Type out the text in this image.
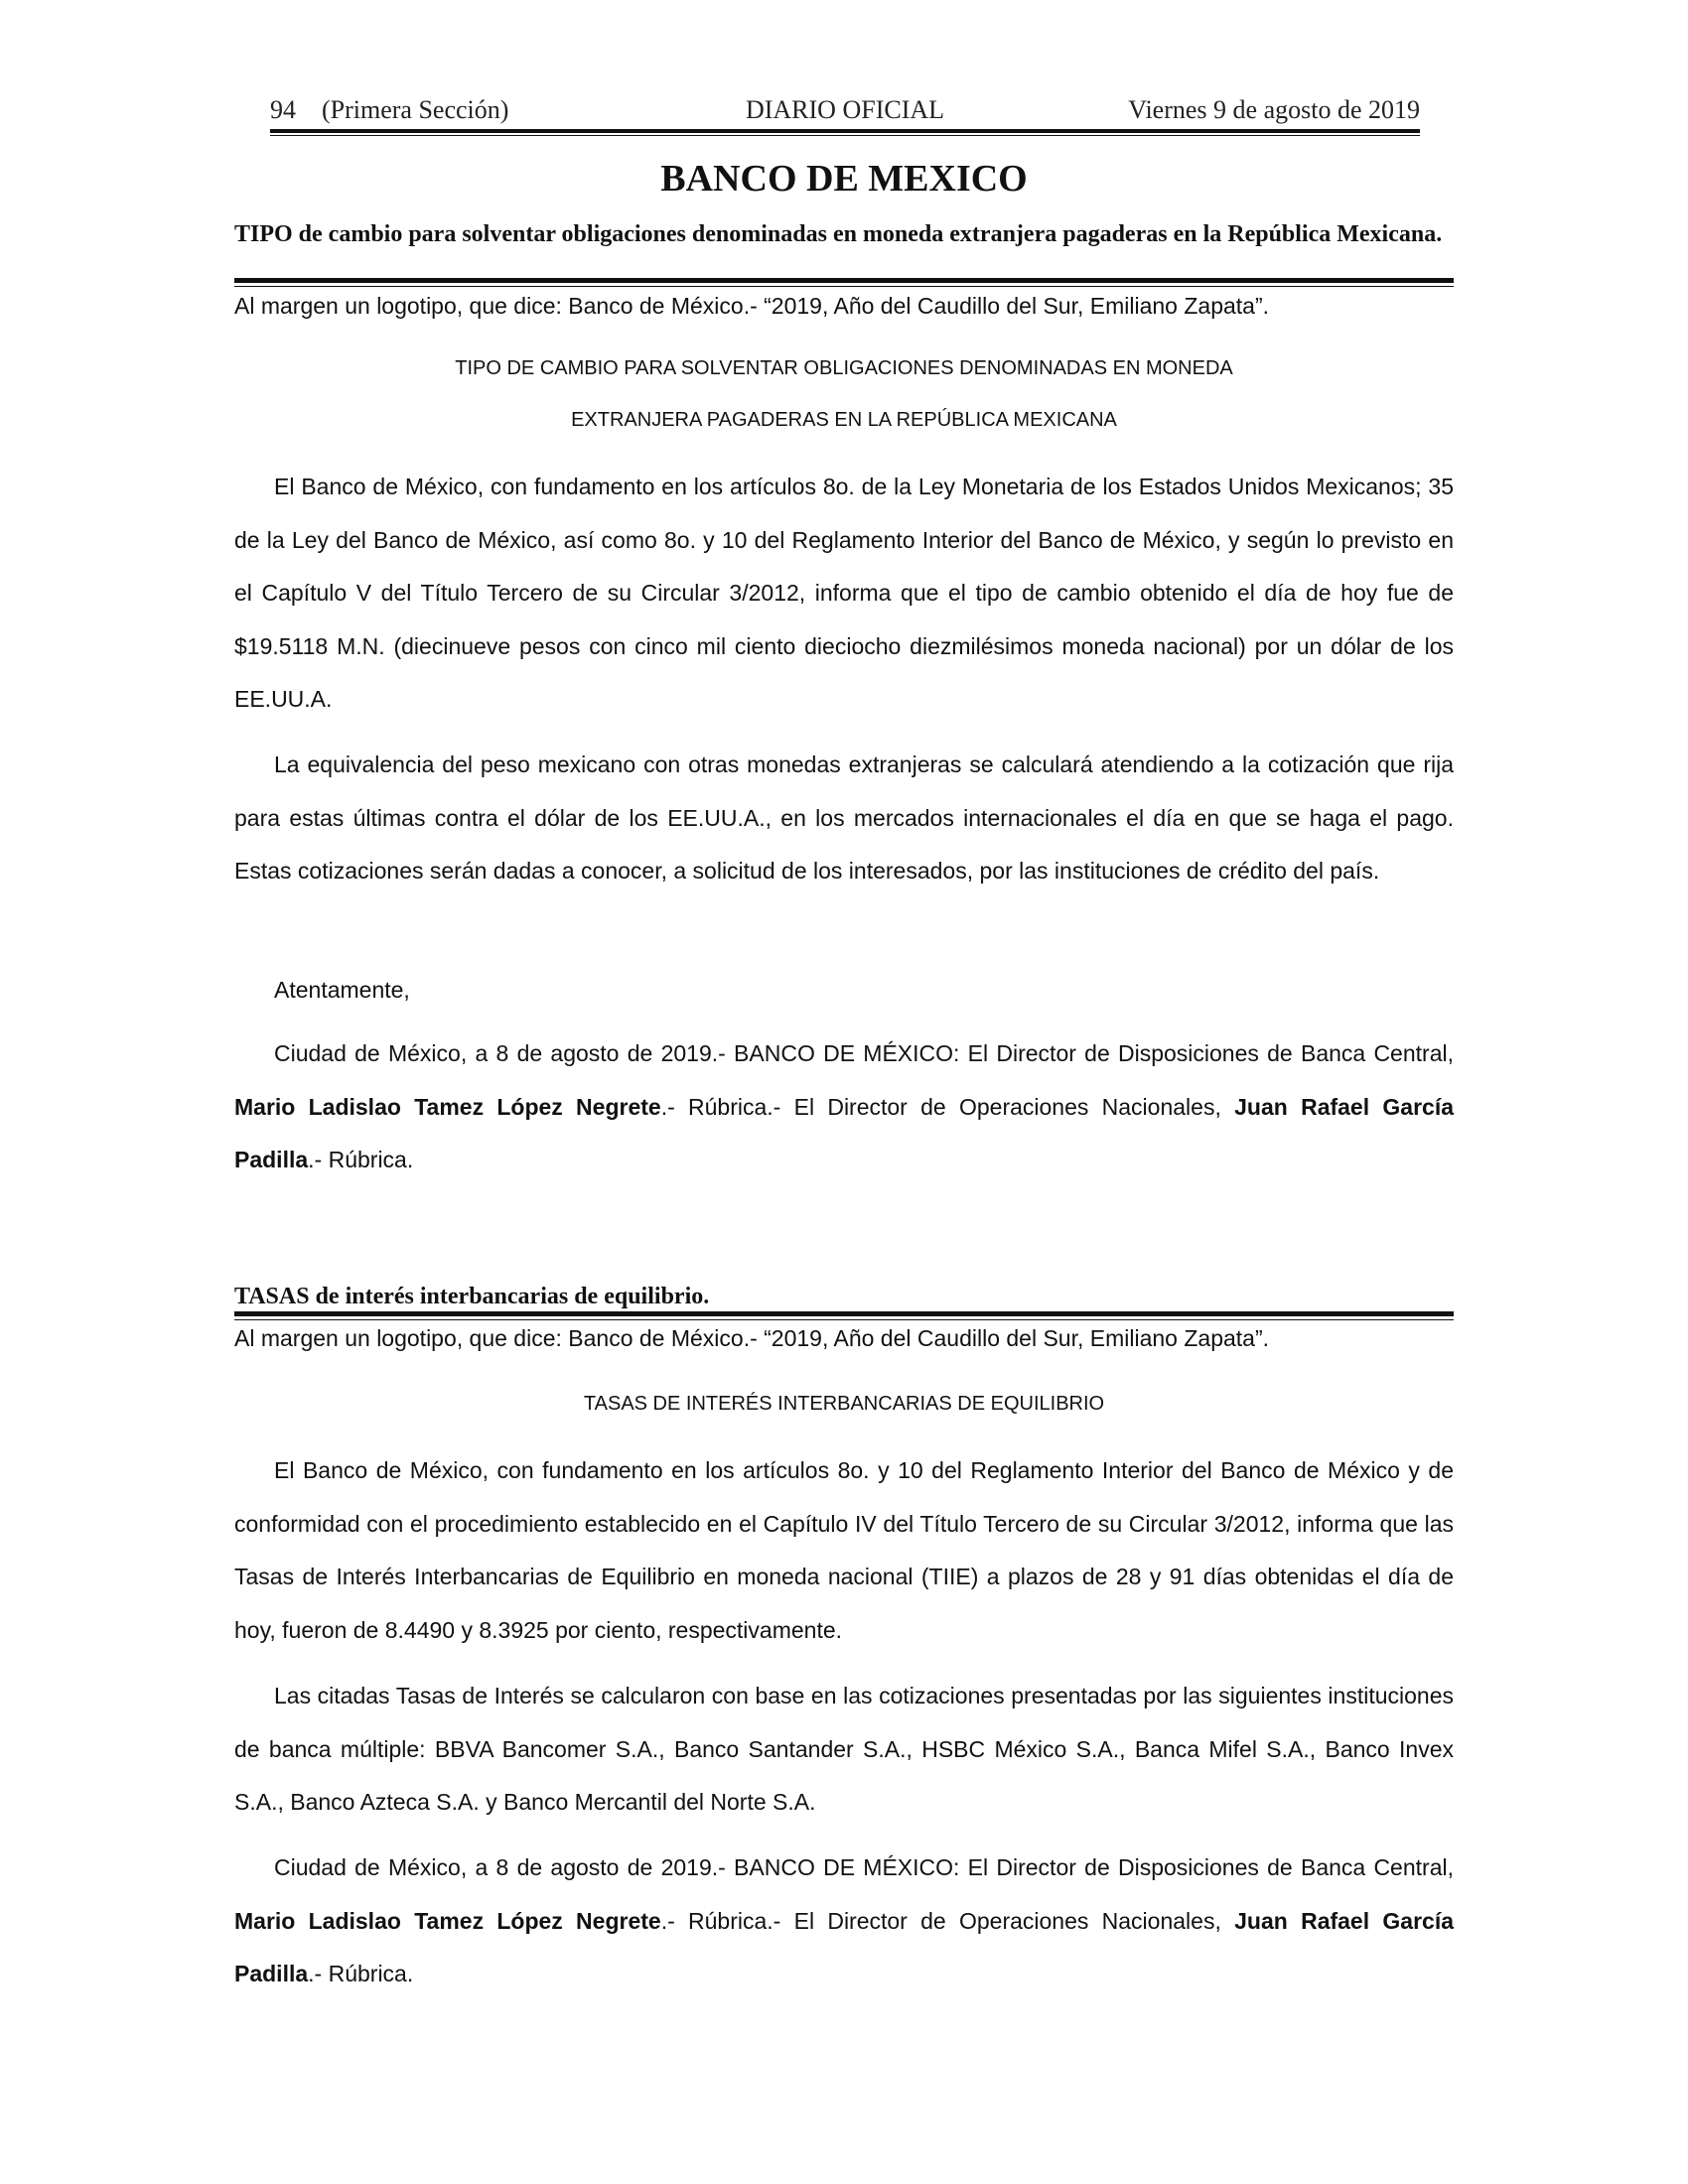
94 (Primera Sección)	DIARIO OFICIAL	Viernes 9 de agosto de 2019
BANCO DE MEXICO
TIPO de cambio para solventar obligaciones denominadas en moneda extranjera pagaderas en la República Mexicana.
Al margen un logotipo, que dice: Banco de México.- “2019, Año del Caudillo del Sur, Emiliano Zapata”.
TIPO DE CAMBIO PARA SOLVENTAR OBLIGACIONES DENOMINADAS EN MONEDA
EXTRANJERA PAGADERAS EN LA REPÚBLICA MEXICANA

El Banco de México, con fundamento en los artículos 8o. de la Ley Monetaria de los Estados Unidos Mexicanos; 35 de la Ley del Banco de México, así como 8o. y 10 del Reglamento Interior del Banco de México, y según lo previsto en el Capítulo V del Título Tercero de su Circular 3/2012, informa que el tipo de cambio obtenido el día de hoy fue de $19.5118 M.N. (diecinueve pesos con cinco mil ciento dieciocho diezmilésimos moneda nacional) por un dólar de los EE.UU.A.

La equivalencia del peso mexicano con otras monedas extranjeras se calculará atendiendo a la cotización que rija para estas últimas contra el dólar de los EE.UU.A., en los mercados internacionales el día en que se haga el pago. Estas cotizaciones serán dadas a conocer, a solicitud de los interesados, por las instituciones de crédito del país.

Atentamente,

Ciudad de México, a 8 de agosto de 2019.- BANCO DE MÉXICO: El Director de Disposiciones de Banca Central, Mario Ladislao Tamez López Negrete.- Rúbrica.- El Director de Operaciones Nacionales, Juan Rafael García Padilla.- Rúbrica.

TASAS de interés interbancarias de equilibrio.
Al margen un logotipo, que dice: Banco de México.- “2019, Año del Caudillo del Sur, Emiliano Zapata”.
TASAS DE INTERÉS INTERBANCARIAS DE EQUILIBRIO

El Banco de México, con fundamento en los artículos 8o. y 10 del Reglamento Interior del Banco de México y de conformidad con el procedimiento establecido en el Capítulo IV del Título Tercero de su Circular 3/2012, informa que las Tasas de Interés Interbancarias de Equilibrio en moneda nacional (TIIE) a plazos de 28 y 91 días obtenidas el día de hoy, fueron de 8.4490 y 8.3925 por ciento, respectivamente.

Las citadas Tasas de Interés se calcularon con base en las cotizaciones presentadas por las siguientes instituciones de banca múltiple: BBVA Bancomer S.A., Banco Santander S.A., HSBC México S.A., Banca Mifel S.A., Banco Invex S.A., Banco Azteca S.A. y Banco Mercantil del Norte S.A.

Ciudad de México, a 8 de agosto de 2019.- BANCO DE MÉXICO: El Director de Disposiciones de Banca Central, Mario Ladislao Tamez López Negrete.- Rúbrica.- El Director de Operaciones Nacionales, Juan Rafael García Padilla.- Rúbrica.
